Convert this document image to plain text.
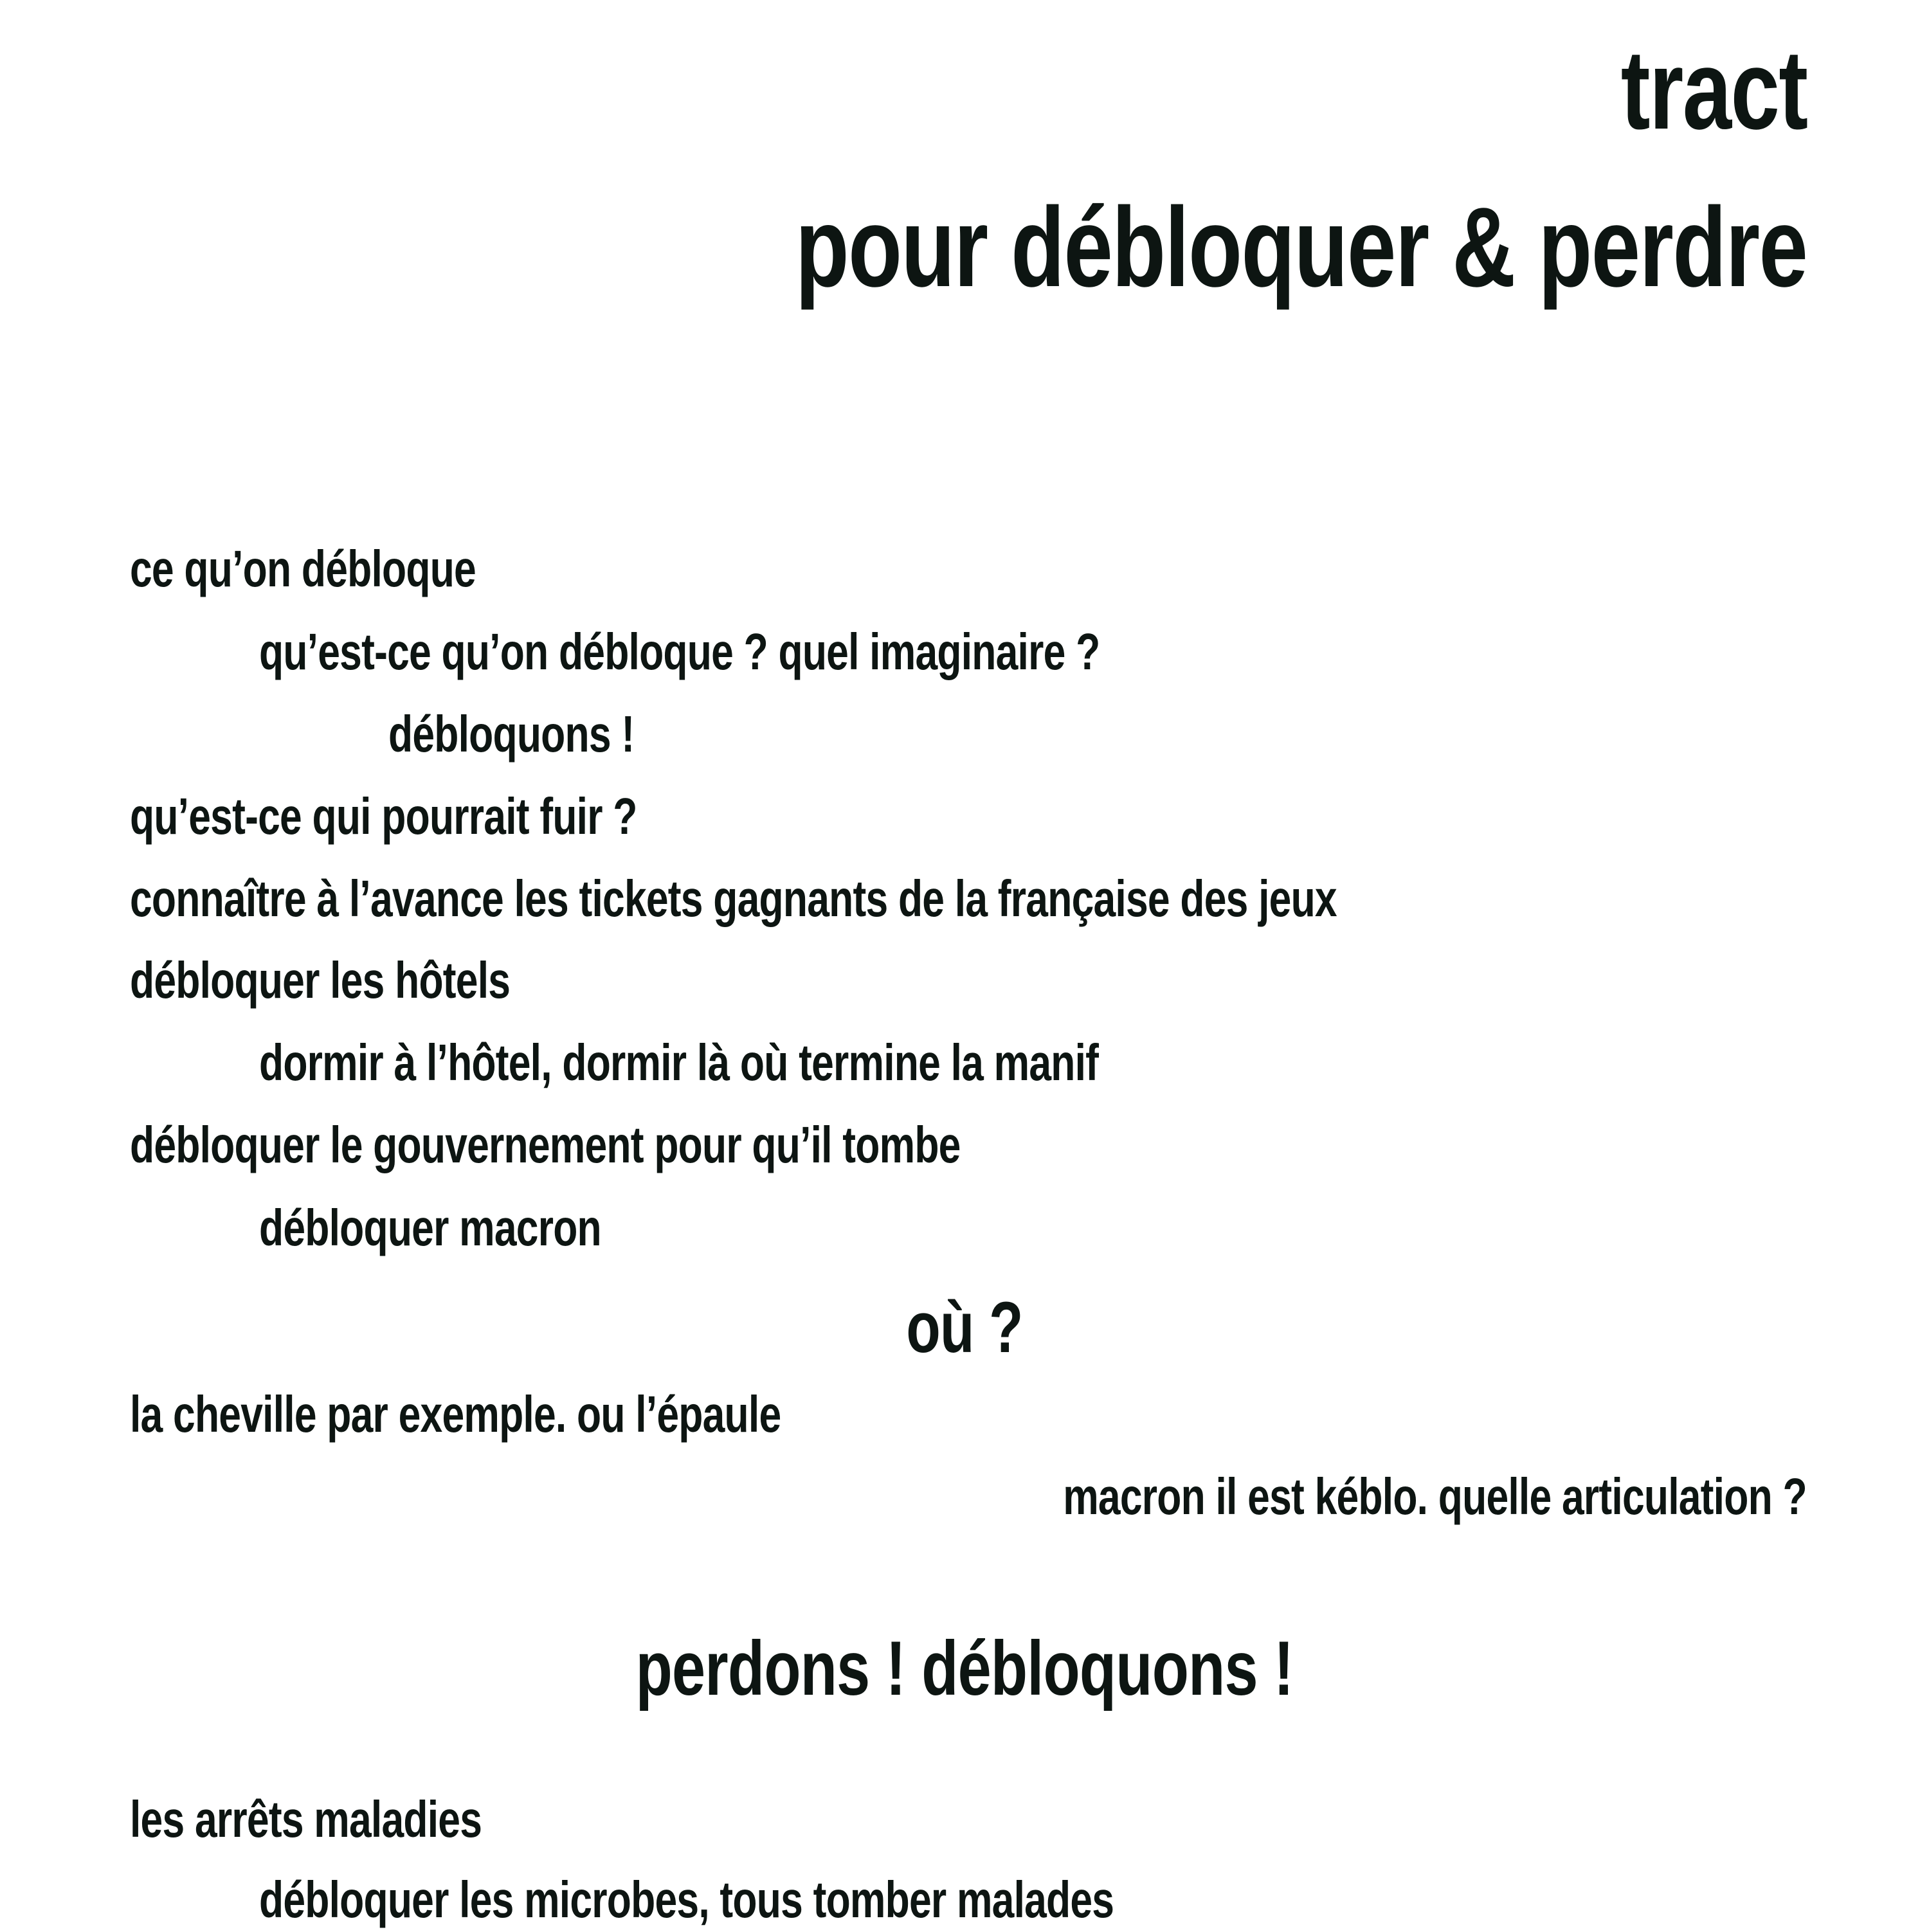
tract
pour débloquer & perdre

ce qu’on débloque

qu’est-ce qu’on débloque ? quel imaginaire ?

débloquons !

qu’est-ce qui pourrait fuir ?

connaître à l’avance les tickets gagnants de la française des jeux

débloquer les hôtels

dormir à l’hôtel, dormir là où termine la manif

débloquer le gouvernement pour qu’il tombe

débloquer macron

où ?

la cheville par exemple. ou l’épaule

macron il est kéblo. quelle articulation ?

perdons ! débloquons !

les arrêts maladies

débloquer les microbes, tous tomber malades
